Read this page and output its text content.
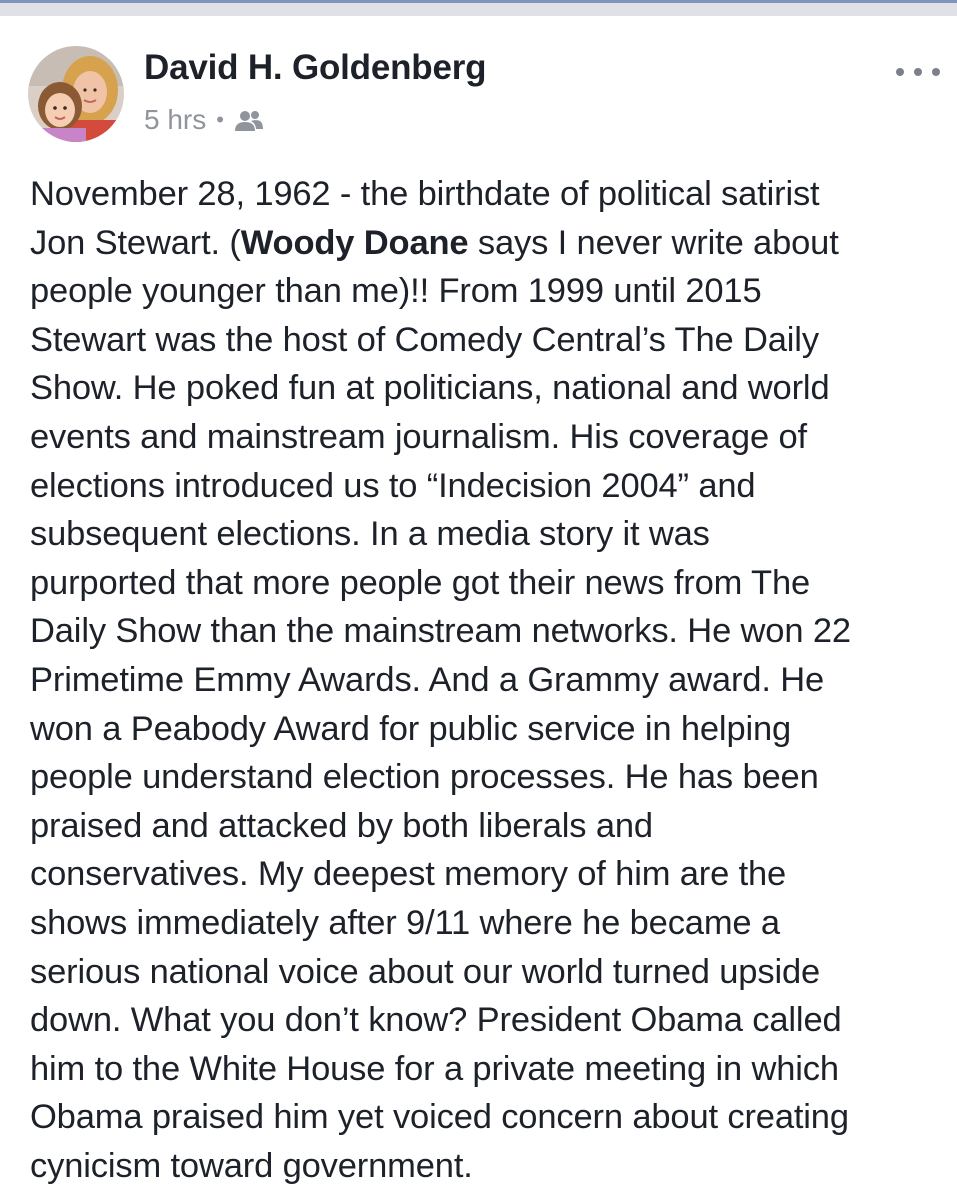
David H. Goldenberg
5 hrs •
November 28, 1962 - the birthdate of political satirist
Jon Stewart. (Woody Doane says I never write about
people younger than me)!! From 1999 until 2015
Stewart was the host of Comedy Central’s The Daily
Show. He poked fun at politicians, national and world
events and mainstream journalism. His coverage of
elections introduced us to “Indecision 2004” and
subsequent elections. In a media story it was
purported that more people got their news from The
Daily Show than the mainstream networks. He won 22
Primetime Emmy Awards. And a Grammy award. He
won a Peabody Award for public service in helping
people understand election processes. He has been
praised and attacked by both liberals and
conservatives. My deepest memory of him are the
shows immediately after 9/11 where he became a
serious national voice about our world turned upside
down. What you don’t know? President Obama called
him to the White House for a private meeting in which
Obama praised him yet voiced concern about creating
cynicism toward government.
